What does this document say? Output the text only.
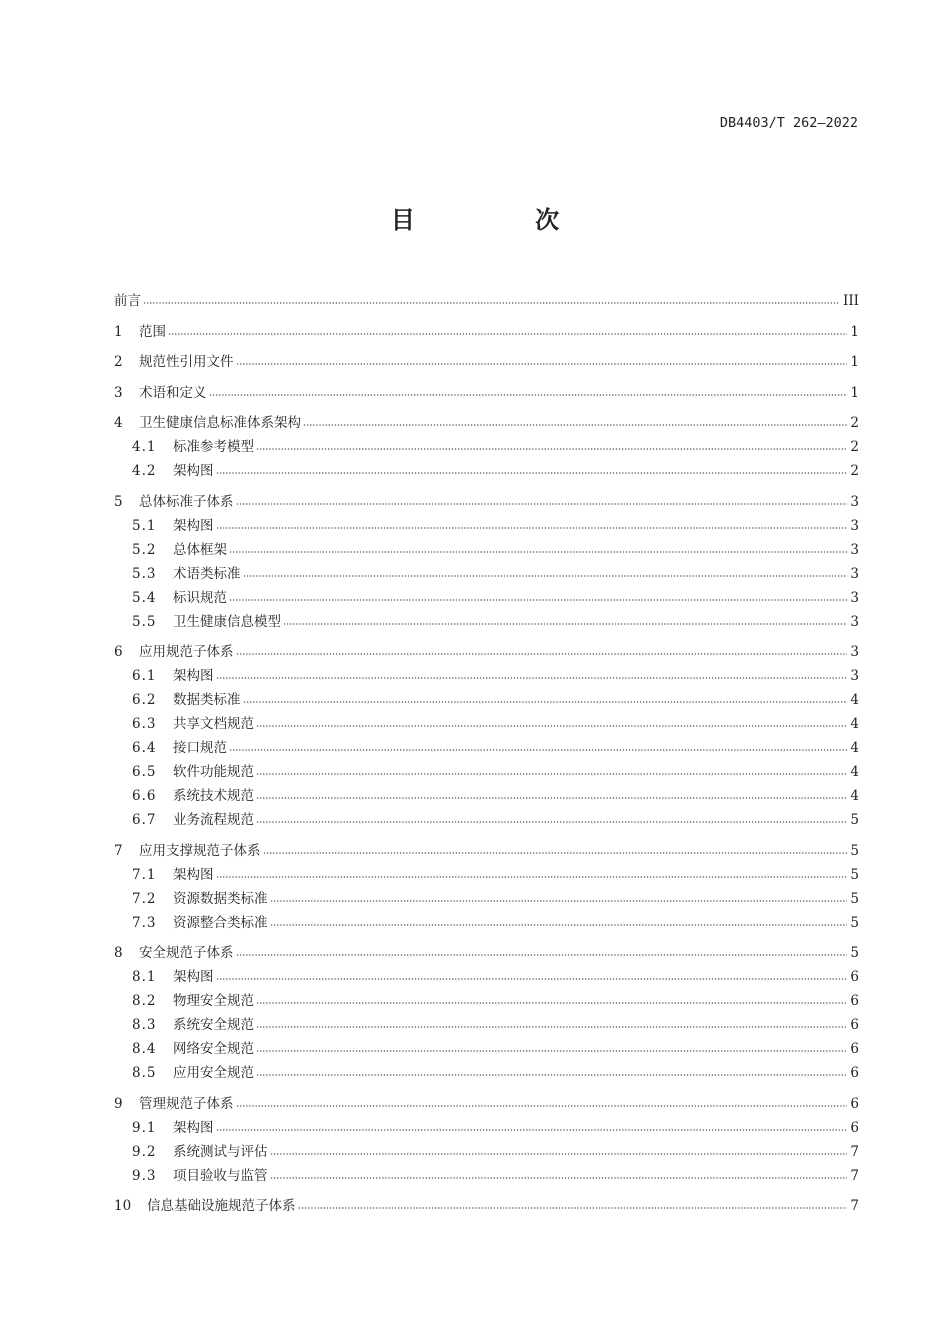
DB4403/T 262—2022
目 次
前言	III
1	范围	1
2	规范性引用文件	1
3	术语和定义	1
4	卫生健康信息标准体系架构	2
4.1	标准参考模型	2
4.2	架构图	2
5	总体标准子体系	3
5.1	架构图	3
5.2	总体框架	3
5.3	术语类标准	3
5.4	标识规范	3
5.5	卫生健康信息模型	3
6	应用规范子体系	3
6.1	架构图	3
6.2	数据类标准	4
6.3	共享文档规范	4
6.4	接口规范	4
6.5	软件功能规范	4
6.6	系统技术规范	4
6.7	业务流程规范	5
7	应用支撑规范子体系	5
7.1	架构图	5
7.2	资源数据类标准	5
7.3	资源整合类标准	5
8	安全规范子体系	5
8.1	架构图	6
8.2	物理安全规范	6
8.3	系统安全规范	6
8.4	网络安全规范	6
8.5	应用安全规范	6
9	管理规范子体系	6
9.1	架构图	6
9.2	系统测试与评估	7
9.3	项目验收与监管	7
10	信息基础设施规范子体系	7
